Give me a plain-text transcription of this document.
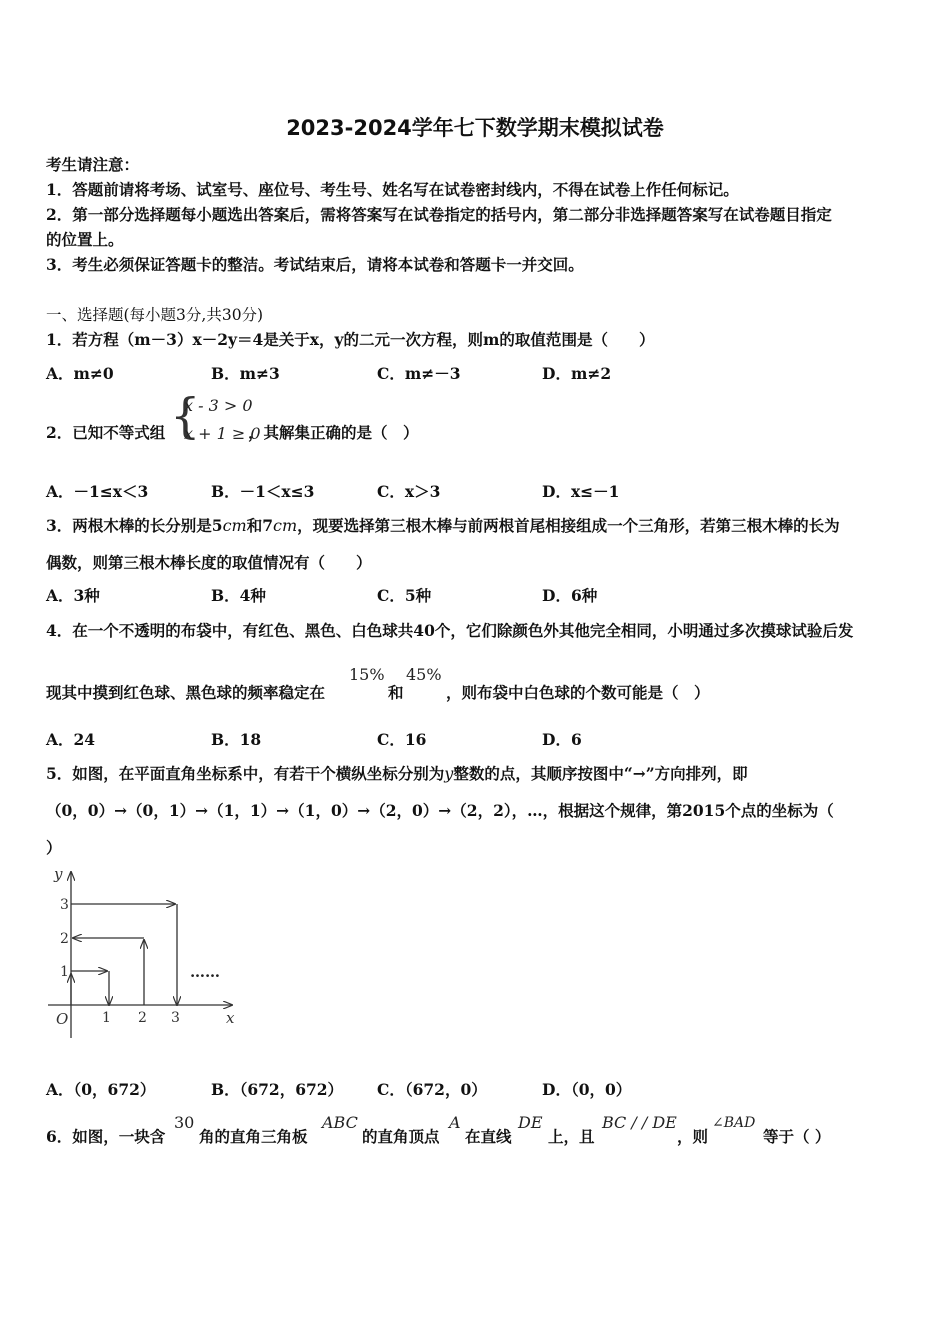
2023-2024学年七下数学期末模拟试卷
考生请注意：
1．答题前请将考场、试室号、座位号、考生号、姓名写在试卷密封线内，不得在试卷上作任何标记。
2．第一部分选择题每小题选出答案后，需将答案写在试卷指定的括号内，第二部分非选择题答案写在试卷题目指定
的位置上。
3．考生必须保证答题卡的整洁。考试结束后，请将本试卷和答题卡一并交回。
一、选择题(每小题3分,共30分)
1．若方程（m－3）x－2y＝4是关于x，y的二元一次方程，则m的取值范围是（　　）
A．m≠0	B．m≠3	C．m≠－3	D．m≠2
2．已知不等式组 {
x - 3 > 0
x + 1 ≥ 0
，其解集正确的是（　）
A．－1≤x＜3	B．－1＜x≤3	C．x＞3	D．x≤－1
3．两根木棒的长分别是5cm和7cm，现要选择第三根木棒与前两根首尾相接组成一个三角形，若第三根木棒的长为
偶数，则第三根木棒长度的取值情况有（　　）
A．3种	B．4种	C．5种	D．6种
4．在一个不透明的布袋中，有红色、黑色、白色球共40个，它们除颜色外其他完全相同，小明通过多次摸球试验后发
现其中摸到红色球、黑色球的频率稳定在
15%
和
45%
，则布袋中白色球的个数可能是（　）
A．24	B．18	C．16	D．6
5．如图，在平面直角坐标系中，有若干个横纵坐标分别为y整数的点，其顺序按图中“→”方向排列，即
（0，0）→（0，1）→（1，1）→（1，0）→（2，0）→（2，2），…，根据这个规律，第2015个点的坐标为（
）
y
x
O 1 2 3
1
2
3
……
A．（0，672）	B．（672，672） C．（672，0）	D．（0，0）
6．如图，一块含
30
角的直角三角板
ABC
的直角顶点
A
在直线
DE
上，且
BC / / DE
，则
∠BAD
等于（ ）
